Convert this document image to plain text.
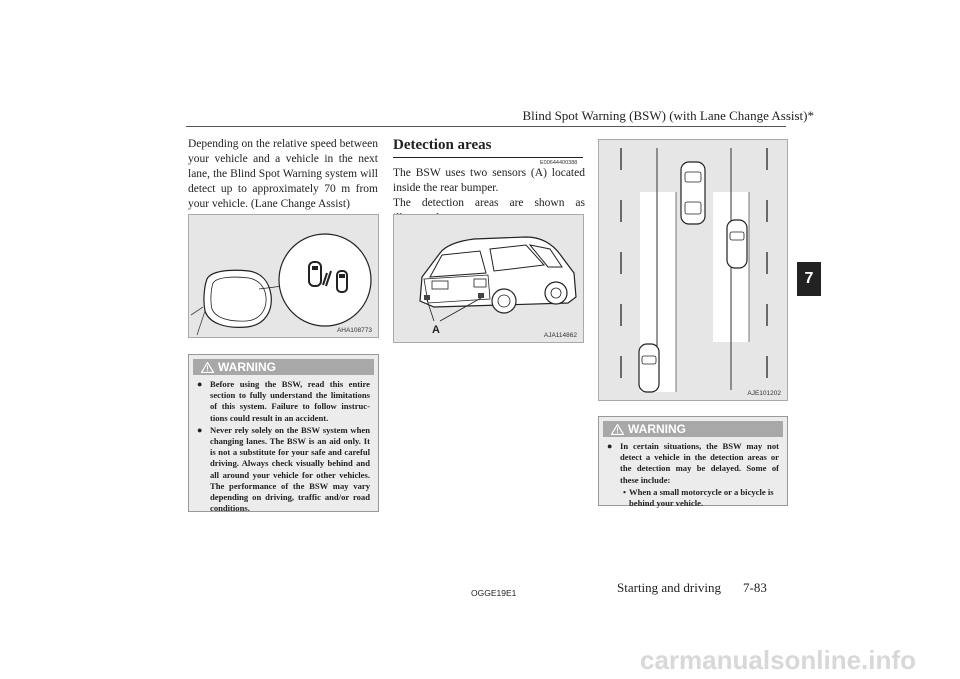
Blind Spot Warning (BSW) (with Lane Change Assist)*
7
Depending on the relative speed between your vehicle and a vehicle in the next lane, the Blind Spot Warning system will detect up to approximately 70 m from your vehicle. (Lane Change Assist)
AHA108773
WARNING
● Before using the BSW, read this entire section to fully understand the limitations of this system. Failure to follow instruc-tions could result in an accident.
● Never rely solely on the BSW system when changing lanes. The BSW is an aid only. It is not a substitute for your safe and careful driving. Always check visually behind and all around your vehicle for other vehicles. The performance of the BSW may vary depending on driving, traffic and/or road conditions.
Detection areas
E00644400388
The BSW uses two sensors (A) located inside the rear bumper.
The detection areas are shown as
A	AJA114862
AJE101202
WARNING
● In certain situations, the BSW may not detect a vehicle in the detection areas or the detection may be delayed. Some of these include:
• When a small motorcycle or a bicycle is behind your vehicle.
OGGE19E1	Starting and driving 7-83
carmanualsonline.info
